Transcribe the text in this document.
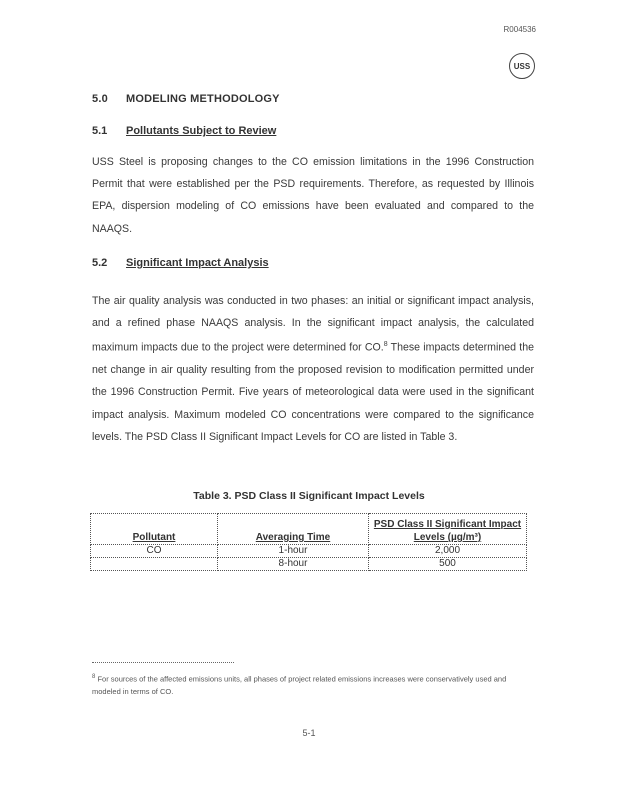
R004536
USS
5.0 MODELING METHODOLOGY
5.1 Pollutants Subject to Review
USS Steel is proposing changes to the CO emission limitations in the 1996 Construction Permit that were established per the PSD requirements. Therefore, as requested by Illinois EPA, dispersion modeling of CO emissions have been evaluated and compared to the NAAQS.
5.2 Significant Impact Analysis
The air quality analysis was conducted in two phases: an initial or significant impact analysis, and a refined phase NAAQS analysis. In the significant impact analysis, the calculated maximum impacts due to the project were determined for CO.$^8$ These impacts determined the net change in air quality resulting from the proposed revision to modification permitted under the 1996 Construction Permit. Five years of meteorological data were used in the significant impact analysis. Maximum modeled CO concentrations were compared to the significance levels. The PSD Class II Significant Impact Levels for CO are listed in Table 3.
Table 3. PSD Class II Significant Impact Levels
Pollutant	Averaging Time	PSD Class II Significant Impact Levels (µg/m³)
CO	1-hour	2,000
	8-hour	500
$^8$ For sources of the affected emissions units, all phases of project related emissions increases were conservatively used and modeled in terms of CO.
5-1
